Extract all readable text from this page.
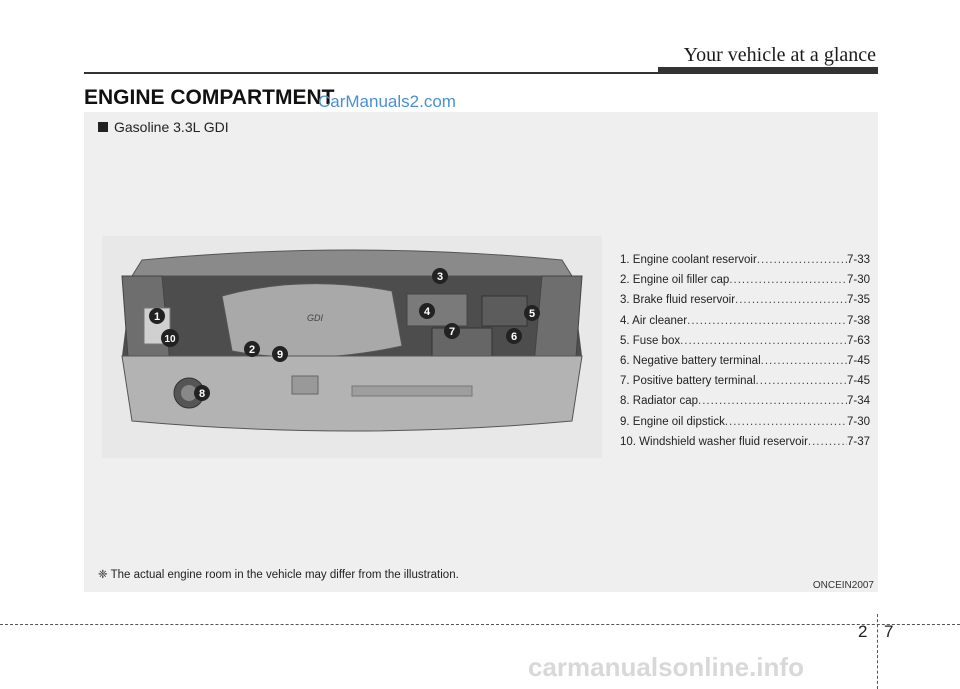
Your vehicle at a glance
ENGINE COMPARTMENT
CarManuals2.com
Gasoline 3.3L GDI
GDI
1
2
3
4	5
6
7
8
9
10
1. Engine coolant reservoir .....	7-33
2. Engine oil filler cap .....	7-30
3. Brake fluid reservoir .....	7-35
4. Air cleaner .....	7-38
5. Fuse box .....	7-63
6. Negative battery terminal .....	7-45
7. Positive battery terminal .....	7-45
8. Radiator cap .....	7-34
9. Engine oil dipstick .....	7-30
10. Windshield washer fluid reservoir .....	7-37
❈ The actual engine room in the vehicle may differ from the illustration.
ONCEIN2007
2 7
carmanualsonline.info
